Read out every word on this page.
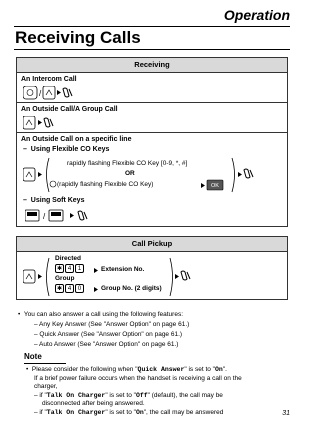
Operation
Receiving Calls
Receiving
An Intercom Call
/
An Outside Call/A Group Call
An Outside Call on a specific line
– Using Flexible CO Keys
OK
rapidly flashing Flexible CO Key [0-9, *, #]
OR
(rapidly flashing Flexible CO Key)
– Using Soft Keys
/
Call Pickup
Directed
✱ 4 1	Extension No.
Group
✱ 4 0	Group No. (2 digits)
•  You can also answer a call using the following features:
– Any Key Answer (See "Answer Option" on page 61.)
– Quick Answer (See "Answer Option" on page 61.)
– Auto Answer (See "Answer Option" on page 61.)
Note
•  Please consider the following when "Quick Answer" is set to "On".
If a brief power failure occurs when the handset is receiving a call on the
charger,
– if "Talk On Charger" is set to "Off" (default), the call may be
disconnected after being answered.
– if "Talk On Charger" is set to "On", the call may be answered	31
